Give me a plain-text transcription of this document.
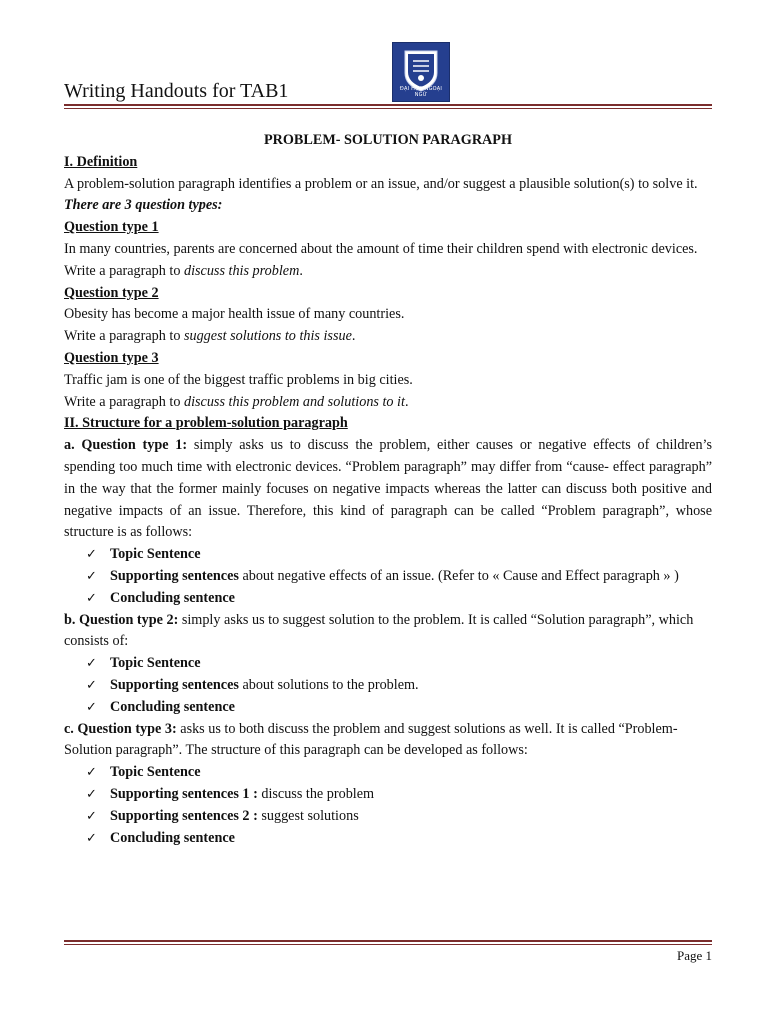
Writing Handouts for TAB1	ĐẠI HỌC NGOẠI NGỮ

PROBLEM- SOLUTION PARAGRAPH

I. Definition

A problem-solution paragraph identifies a problem or an issue, and/or suggest a plausible solution(s) to solve it.

There are 3 question types:

Question type 1

In many countries, parents are concerned about the amount of time their children spend with electronic devices.

Write a paragraph to discuss this problem.

Question type 2

Obesity has become a major health issue of many countries.

Write a paragraph to suggest solutions to this issue.

Question type 3

Traffic jam is one of the biggest traffic problems in big cities.

Write a paragraph to discuss this problem and solutions to it.

II. Structure for a problem-solution paragraph

a. Question type 1: simply asks us to discuss the problem, either causes or negative effects of children’s spending too much time with electronic devices. “Problem paragraph” may differ from “cause- effect paragraph” in the way that the former mainly focuses on negative impacts whereas the latter can discuss both positive and negative impacts of an issue. Therefore, this kind of paragraph can be called “Problem paragraph”, whose structure is as follows:

✓ Topic Sentence
✓ Supporting sentences about negative effects of an issue. (Refer to « Cause and Effect paragraph » )
✓ Concluding sentence

b. Question type 2: simply asks us to suggest solution to the problem. It is called “Solution paragraph”, which consists of:

✓ Topic Sentence
✓ Supporting sentences about solutions to the problem.
✓ Concluding sentence

c. Question type 3: asks us to both discuss the problem and suggest solutions as well. It is called “Problem- Solution paragraph”. The structure of this paragraph can be developed as follows:

✓ Topic Sentence
✓ Supporting sentences 1 : discuss the problem
✓ Supporting sentences 2 : suggest solutions
✓ Concluding sentence
Page 1
